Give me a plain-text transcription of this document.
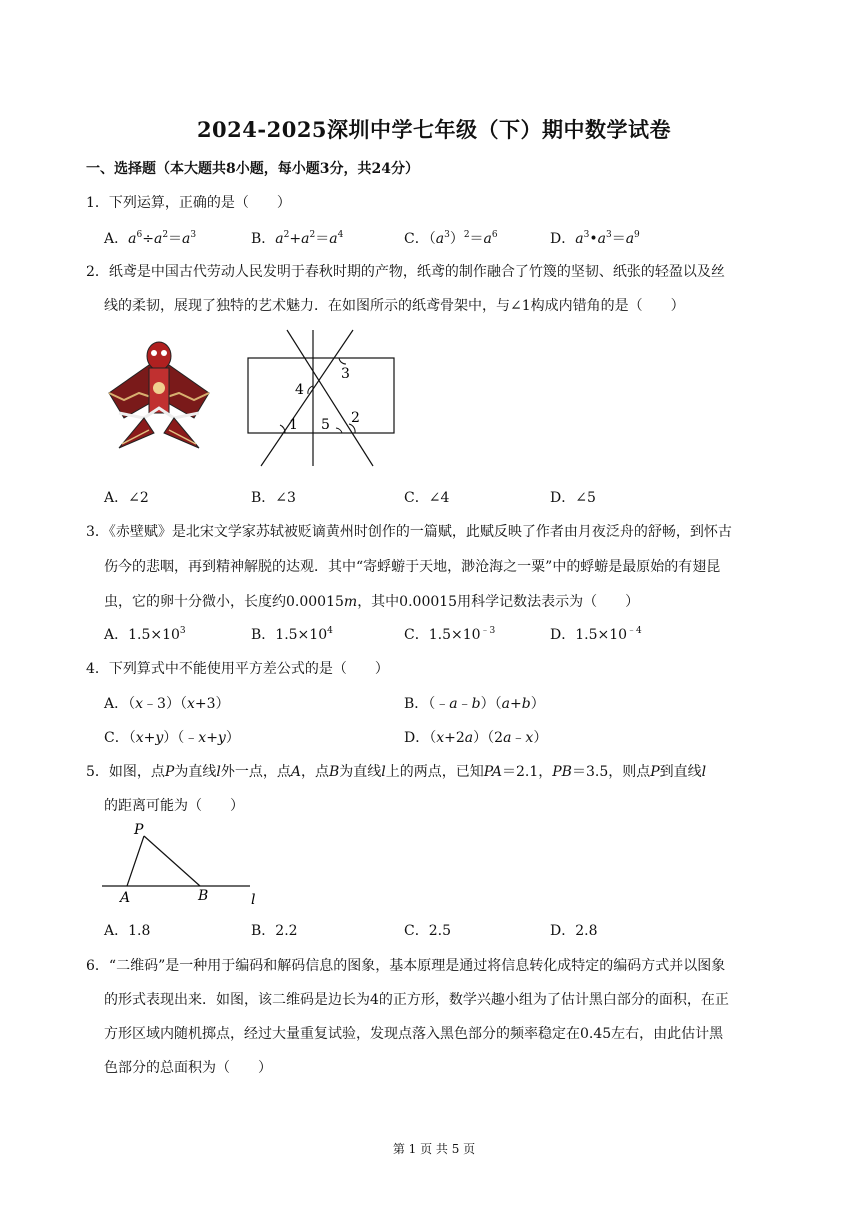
2024-2025深圳中学七年级（下）期中数学试卷
一、选择题（本大题共8小题，每小题3分，共24分）
1．下列运算，正确的是（　　）
A．$a^6\div a^2=a^3$	B．$a^2+a^2=a^4$	C．$(a^3)^2=a^6$	D．$a^3•a^3=a^9$
2．纸鸢是中国古代劳动人民发明于春秋时期的产物，纸鸢的制作融合了竹篾的坚韧、纸张的轻盈以及丝
线的柔韧，展现了独特的艺术魅力．在如图所示的纸鸢骨架中，与∠1构成内错角的是（　　）
1	2
3
4
5
A．∠2	B．∠3	C．∠4	D．∠5
3．《赤壁赋》是北宋文学家苏轼被贬谪黄州时创作的一篇赋，此赋反映了作者由月夜泛舟的舒畅，到怀古
伤今的悲咽，再到精神解脱的达观．其中“寄蜉蝣于天地，渺沧海之一粟”中的蜉蝣是最原始的有翅昆
虫，它的卵十分微小，长度约0.00015m，其中0.00015用科学记数法表示为（　　）
A．$1.5\times 10^3$	B．$1.5\times 10^4$	C．$1.5\times 10^{﹣3}$	D．$1.5\times 10^{﹣4}$
4．下列算式中不能使用平方差公式的是（　　）
A．（x﹣3）（x+3）	B．（﹣a﹣b）（a+b）
C．（x+y）（﹣x+y）	D．（x+2a）（2a﹣x）
5．如图，点P为直线l外一点，点A，点B为直线l上的两点，已知PA＝2.1，PB＝3.5，则点P到直线l
的距离可能为（　　）
P
A	B	l
A．1.8	B．2.2	C．2.5	D．2.8
6．“二维码”是一种用于编码和解码信息的图象，基本原理是通过将信息转化成特定的编码方式并以图象
的形式表现出来．如图，该二维码是边长为4的正方形，数学兴趣小组为了估计黑白部分的面积，在正
方形区域内随机掷点，经过大量重复试验，发现点落入黑色部分的频率稳定在0.45左右，由此估计黑
色部分的总面积为（　　）
第 1 页 共 5 页
